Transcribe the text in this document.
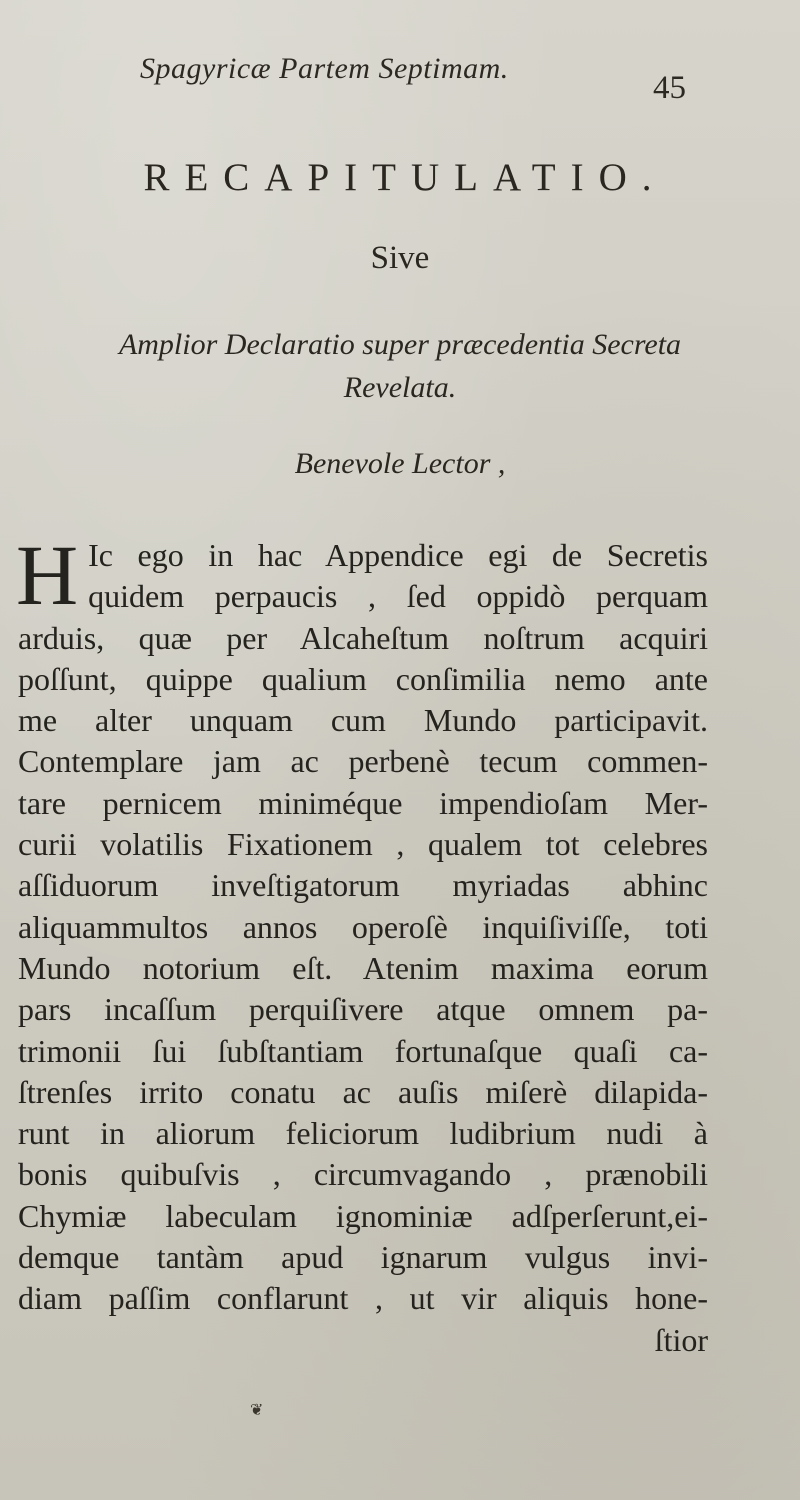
Spagyricæ Partem Septimam.
45
RECAPITULATIO.
Sive
Amplior Declaratio super præcedentia Secreta
Revelata.
Benevole Lector ,
H Ic ego in hac Appendice egi de Secretis
quidem perpaucis , ſed oppidò perquam
arduis, quæ per Alcaheſtum noſtrum acquiri
poſſunt, quippe qualium conſimilia nemo ante
me alter unquam cum Mundo participavit.
Contemplare jam ac perbenè tecum commen-
tare pernicem miniméque impendioſam Mer-
curii volatilis Fixationem , qualem tot celebres
aſſiduorum inveſtigatorum myriadas abhinc
aliquammultos annos operoſè inquiſiviſſe, toti
Mundo notorium eſt. Atenim maxima eorum
pars incaſſum perquiſivere atque omnem pa-
trimonii ſui ſubſtantiam fortunaſque quaſi ca-
ſtrenſes irrito conatu ac auſis miſerè dilapida-
runt in aliorum feliciorum ludibrium nudi à
bonis quibuſvis , circumvagando , prænobili
Chymiæ labeculam ignominiæ adſperſerunt,ei-
demque tantàm apud ignarum vulgus invi-
diam paſſim conflarunt , ut vir aliquis hone-
ſtior
❦
